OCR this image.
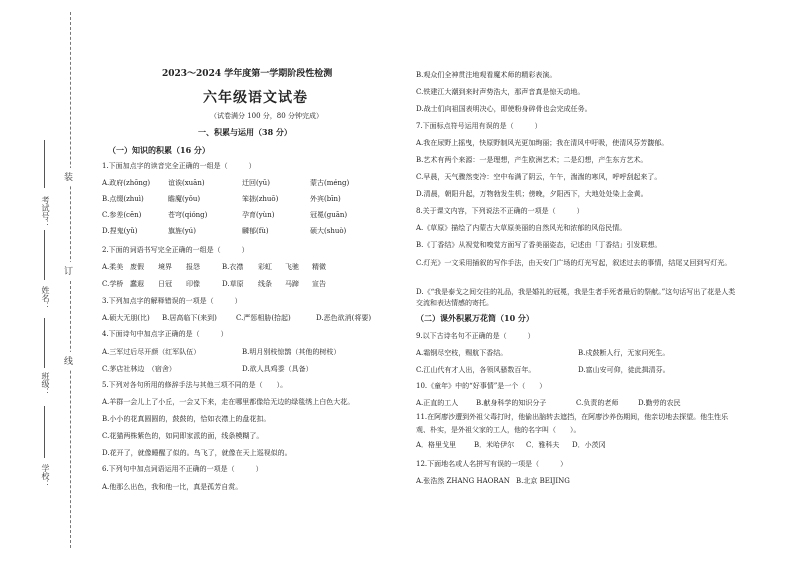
装
订
线
考试号：
姓名：
班级：
学校：
2023～2024 学年度第一学期阶段性检测
六年级语文试卷
（试卷满分 100 分，80 分钟完成）
一、积累与运用（38 分）
（一）知识的积累（16 分）
1.下面加点字的读音完全正确的一组是（　　　）
A.政府(zhōng)	谊诶(xuān)	迁回(yū)	蒙古(méng)
B.点缀(zhuì)	瞻魔(yǒu)	笨拙(zhuō)	外宾(bīn)
C.参差(cēn)	苍穹(qióng)	孕育(yùn)	冠冕(guān)
D.捏鬼(yǔ)	旗旌(yú)	麟郁(fù)	硕大(shuò)
2.下面的词语书写完全正确的一组是（　　　）
A.柔美 废假 境界 报怨	B.衣襟 彩虹 飞驰 精微
C.学桥 蠢遐 日冠 印像	D.草原 线条 马蹄 宣告
3.下列加点字的解释错误的一项是（　　　）
A.硕大无朋(比) B.居高临下(来到)	C.严惩相胁(拾起)	D.恶色欲消(将要)
4.下面诗句中加点字正确的是（　　　）
A.三军过后尽开颜（红军队伍）	B.明月别枝惊鹊（其他的树枝）
C.茅店社林边　（宿舍）	D.欲人具鸡黍（具备）
5.下列对各句所用的修辞手法与其他三项不同的是（　　）。
A.羊群一会儿上了小丘，一会又下来，走在哪里都像给无边的绿毯绣上白色大花。
B.小小的花真圆圆的，鼓鼓的，恰如衣襟上的盘花扣。
C.花猫两株紫色的，如同即家派的面，线条模糊了。
D.花开了，就像睡醒了似的。鸟飞了，就像在天上巡视似的。
6.下列句中加点词语运用不正确的一项是（　　　）
A.他那么出色，我和他一比，真是孤芳自赏。
B.观众们全神贯注地观看魔术师的精彩表演。
C.铁建江大潮到来时声势浩大，那声音真是惊天动地。
D.战士们向祖国表明决心，即使粉身碎骨也会完成任务。
7.下面标点符号运用有误的是（　　　）
A.我在尿野上摇曳，快原野制风光更加绚丽；我在清风中吁吸，使清风芬芳馥郁。
B.艺术有两个来源：一是理想，产生欧洲艺术；二是幻想，产生东方艺术。
C.早晨，天气骤然变冷：空中布满了阴云，午午，湍湍的寒风，呼呼刮起来了。
D.清晨，朝阳升起，万物勃发生机；傍晚，夕阳西下，大地处处染上金黄。
8.关于课文内容，下列说法不正确的一项是（　　　）
A.《草原》描绘了内蒙古大草原美丽的自然风光和浓郁的风俗民情。
B.《丁香结》从视觉和嗅觉方面写了香美丽姿态，记述由「丁香结」引发联想。
C.灯光》一文采用插叙的写作手法，由天安门广场的灯光写起，叙述过去的事情，结尾又回到写灯光。
D.《“我是泰戈之间交往的礼品，我是婚礼的冠冕，我是生者手死者最后的祭献。”这句话写出了花是人类交流和表达情感的寄托。
（二）课外积累万花筒（10 分）
9.以下古诗名句不正确的是（　　　）
A.霜钢尽空枝，赐航下香结。	B.戍鼓断人行，无家问死生。
C.江山代有才人出，各领风骚数百年。	D.富山安可仰，徒此揖清芬。
10.《童年》中的“好事情”是一个（　　）
A.正直的工人	B.献身科学的知识分子	C.负责的老师	D.勤劳的农民
11.在阿廖沙遭到外祖父毒打时，他偷出脑转去遮挡，在阿廖沙养伤期间，他亲切地去探望。他生性乐观、朴实，是外祖父家的工人，他的名字叫（　　）。
A．格里戈里	B．米哈伊尔 C．雅科夫 D．小茨冈
12.下面地名或人名拼写有误的一项是（　　　）
A.张浩然 ZHANG HAORAN B.北京 BEIJING
